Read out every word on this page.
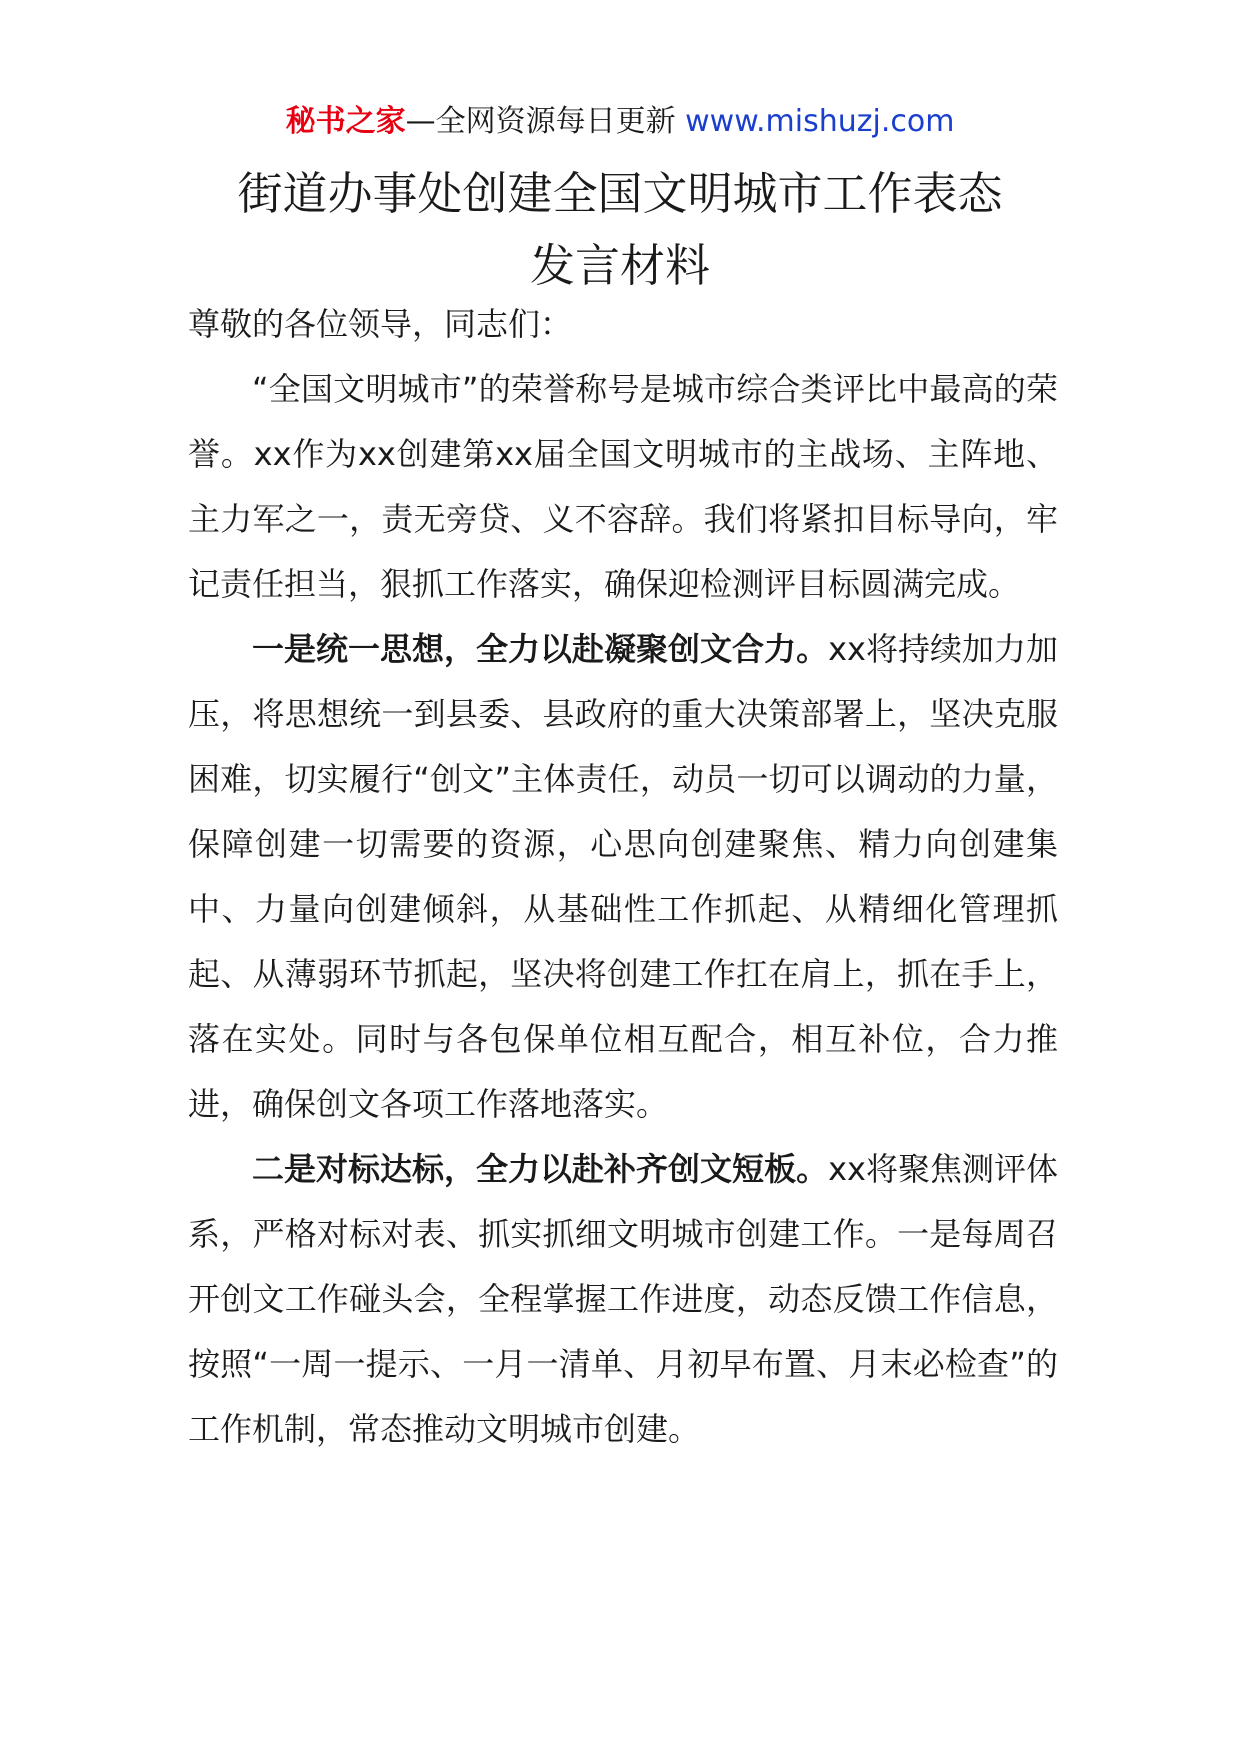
秘书之家—全网资源每日更新 www.mishuzj.com
街道办事处创建全国文明城市工作表态
发言材料

尊敬的各位领导，同志们：

“全国文明城市”的荣誉称号是城市综合类评比中最高的荣誉。xx作为xx创建第xx届全国文明城市的主战场、主阵地、主力军之一，责无旁贷、义不容辞。我们将紧扣目标导向，牢记责任担当，狠抓工作落实，确保迎检测评目标圆满完成。

一是统一思想，全力以赴凝聚创文合力。xx将持续加力加压，将思想统一到县委、县政府的重大决策部署上，坚决克服困难，切实履行“创文”主体责任，动员一切可以调动的力量，保障创建一切需要的资源，心思向创建聚焦、精力向创建集中、力量向创建倾斜，从基础性工作抓起、从精细化管理抓起、从薄弱环节抓起，坚决将创建工作扛在肩上，抓在手上，落在实处。同时与各包保单位相互配合，相互补位，合力推进，确保创文各项工作落地落实。

二是对标达标，全力以赴补齐创文短板。xx将聚焦测评体系，严格对标对表、抓实抓细文明城市创建工作。一是每周召开创文工作碰头会，全程掌握工作进度，动态反馈工作信息，按照“一周一提示、一月一清单、月初早布置、月末必检查”的工作机制，常态推动文明城市创建。
